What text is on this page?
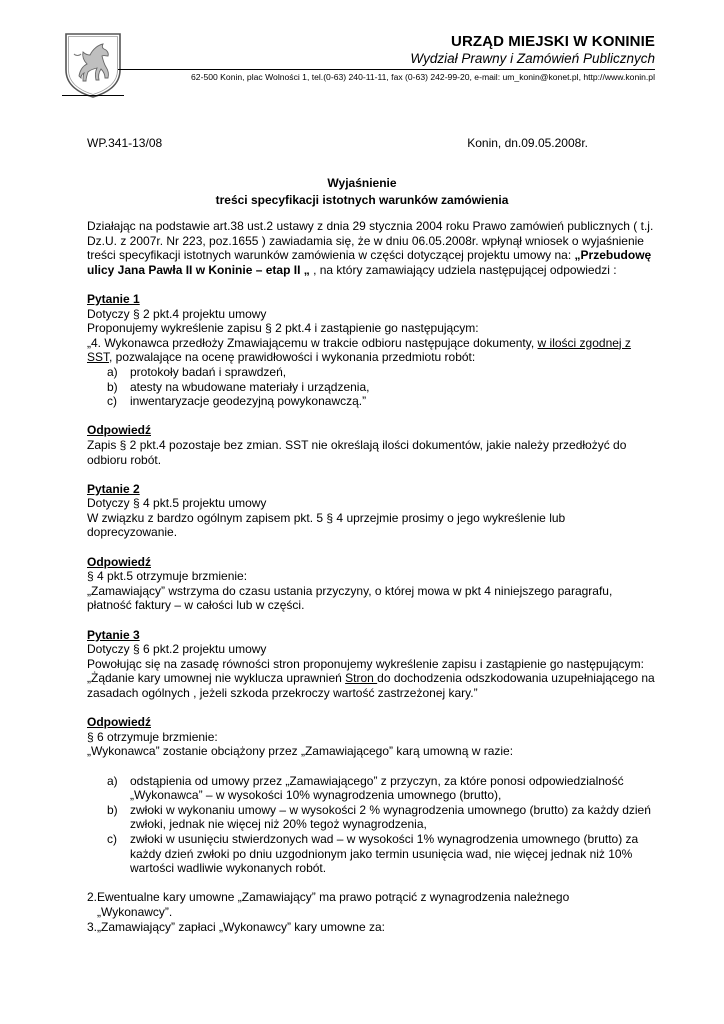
URZĄD MIEJSKI W KONINIE
Wydział Prawny i Zamówień Publicznych
62-500 Konin, plac Wolności 1, tel.(0-63) 240-11-11, fax (0-63) 242-99-20, e-mail: um_konin@konet.pl, http://www.konin.pl
WP.341-13/08	Konin, dn.09.05.2008r.
Wyjaśnienie
treści specyfikacji istotnych warunków zamówienia

Działając na podstawie art.38 ust.2 ustawy z dnia 29 stycznia 2004 roku Prawo zamówień publicznych ( t.j. Dz.U. z 2007r. Nr 223, poz.1655 ) zawiadamia się, że w dniu 06.05.2008r. wpłynął wniosek o wyjaśnienie treści specyfikacji istotnych warunków zamówienia w części dotyczącej projektu umowy na: „Przebudowę ulicy Jana Pawła II w Koninie – etap II „ , na który zamawiający udziela następującej odpowiedzi :

Pytanie 1

Dotyczy § 2 pkt.4 projektu umowy

Proponujemy wykreślenie zapisu § 2 pkt.4 i zastąpienie go następującym:

„4. Wykonawca przedłoży Zmawiającemu w trakcie odbioru następujące dokumenty, w ilości zgodnej z SST, pozwalające na ocenę prawidłowości i wykonania przedmiotu robót:

a) protokoły badań i sprawdzeń,
b) atesty na wbudowane materiały i urządzenia,
c) inwentaryzacje geodezyjną powykonawczą.”

Odpowiedź

Zapis § 2 pkt.4 pozostaje bez zmian. SST nie określają ilości dokumentów, jakie należy przedłożyć do odbioru robót.

Pytanie 2

Dotyczy § 4 pkt.5 projektu umowy

W związku z bardzo ogólnym zapisem pkt. 5 § 4 uprzejmie prosimy o jego wykreślenie lub doprecyzowanie.

Odpowiedź

§ 4 pkt.5 otrzymuje brzmienie:

„Zamawiający” wstrzyma do czasu ustania przyczyny, o której mowa w pkt 4 niniejszego paragrafu, płatność faktury – w całości lub w części.

Pytanie 3

Dotyczy § 6 pkt.2 projektu umowy

Powołując się na zasadę równości stron proponujemy wykreślenie zapisu i zastąpienie go następującym:

„Żądanie kary umownej nie wyklucza uprawnień Stron do dochodzenia odszkodowania uzupełniającego na zasadach ogólnych , jeżeli szkoda przekroczy wartość zastrzeżonej kary.”

Odpowiedź

§ 6 otrzymuje brzmienie:

„Wykonawca” zostanie obciążony przez „Zamawiającego” karą umowną w razie:

a) odstąpienia od umowy przez „Zamawiającego” z przyczyn, za które ponosi odpowiedzialność „Wykonawca” – w wysokości 10% wynagrodzenia umownego (brutto),
b) zwłoki w wykonaniu umowy – w wysokości 2 % wynagrodzenia umownego (brutto) za każdy dzień zwłoki, jednak nie więcej niż 20% tegoż wynagrodzenia,
c) zwłoki w usunięciu stwierdzonych wad – w wysokości 1% wynagrodzenia umownego (brutto) za każdy dzień zwłoki po dniu uzgodnionym jako termin usunięcia wad, nie więcej jednak niż 10% wartości wadliwie wykonanych robót.

2.Ewentualne kary umowne „Zamawiający” ma prawo potrącić z wynagrodzenia należnego

„Wykonawcy”.

3.„Zamawiający” zapłaci „Wykonawcy” kary umowne za:
